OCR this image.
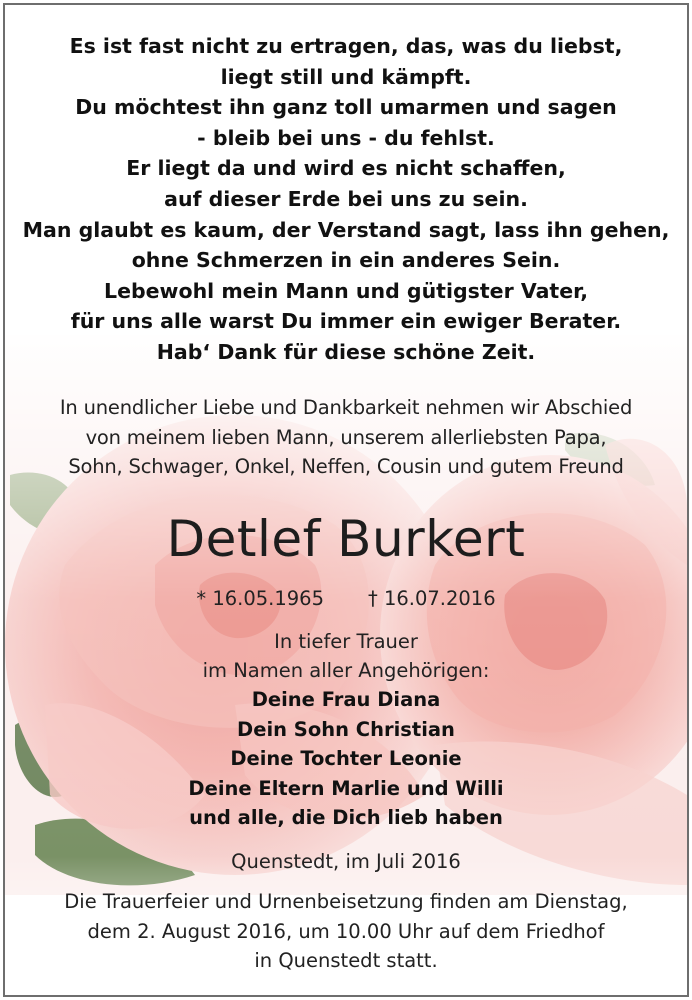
Es ist fast nicht zu ertragen, das, was du liebst,
liegt still und kämpft.
Du möchtest ihn ganz toll umarmen und sagen
- bleib bei uns - du fehlst.
Er liegt da und wird es nicht schaffen,
auf dieser Erde bei uns zu sein.
Man glaubt es kaum, der Verstand sagt, lass ihn gehen,
ohne Schmerzen in ein anderes Sein.
Lebewohl mein Mann und gütigster Vater,
für uns alle warst Du immer ein ewiger Berater.
Hab‘ Dank für diese schöne Zeit.
In unendlicher Liebe und Dankbarkeit nehmen wir Abschied
von meinem lieben Mann, unserem allerliebsten Papa,
Sohn, Schwager, Onkel, Neffen, Cousin und gutem Freund
Detlef Burkert
* 16.05.1965 † 16.07.2016
In tiefer Trauer
im Namen aller Angehörigen:
Deine Frau Diana
Dein Sohn Christian
Deine Tochter Leonie
Deine Eltern Marlie und Willi
und alle, die Dich lieb haben
Quenstedt, im Juli 2016
Die Trauerfeier und Urnenbeisetzung finden am Dienstag,
dem 2. August 2016, um 10.00 Uhr auf dem Friedhof
in Quenstedt statt.
